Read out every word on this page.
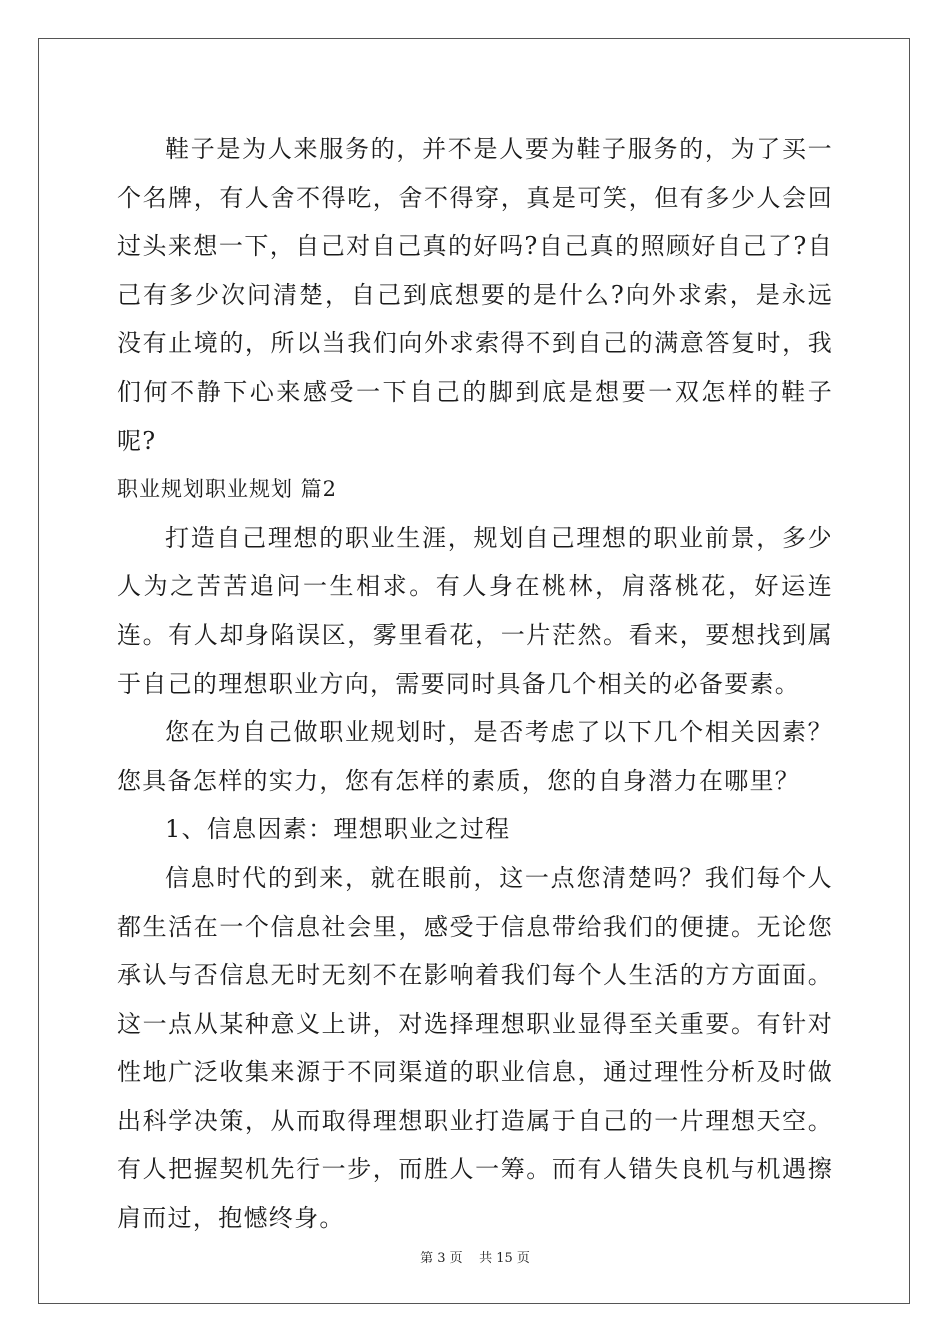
鞋子是为人来服务的，并不是人要为鞋子服务的，为了买一个名牌，有人舍不得吃，舍不得穿，真是可笑，但有多少人会回过头来想一下，自己对自己真的好吗?自己真的照顾好自己了?自己有多少次问清楚，自己到底想要的是什么?向外求索，是永远没有止境的，所以当我们向外求索得不到自己的满意答复时，我们何不静下心来感受一下自己的脚到底是想要一双怎样的鞋子呢?

职业规划职业规划 篇2

打造自己理想的职业生涯，规划自己理想的职业前景，多少人为之苦苦追问一生相求。有人身在桃林，肩落桃花，好运连连。有人却身陷误区，雾里看花，一片茫然。看来，要想找到属于自己的理想职业方向，需要同时具备几个相关的必备要素。

您在为自己做职业规划时，是否考虑了以下几个相关因素？您具备怎样的实力，您有怎样的素质，您的自身潜力在哪里？

1、信息因素：理想职业之过程

信息时代的到来，就在眼前，这一点您清楚吗？我们每个人都生活在一个信息社会里，感受于信息带给我们的便捷。无论您承认与否信息无时无刻不在影响着我们每个人生活的方方面面。这一点从某种意义上讲，对选择理想职业显得至关重要。有针对性地广泛收集来源于不同渠道的职业信息，通过理性分析及时做出科学决策，从而取得理想职业打造属于自己的一片理想天空。有人把握契机先行一步，而胜人一筹。而有人错失良机与机遇擦肩而过，抱憾终身。

第 3 页    共 15 页
